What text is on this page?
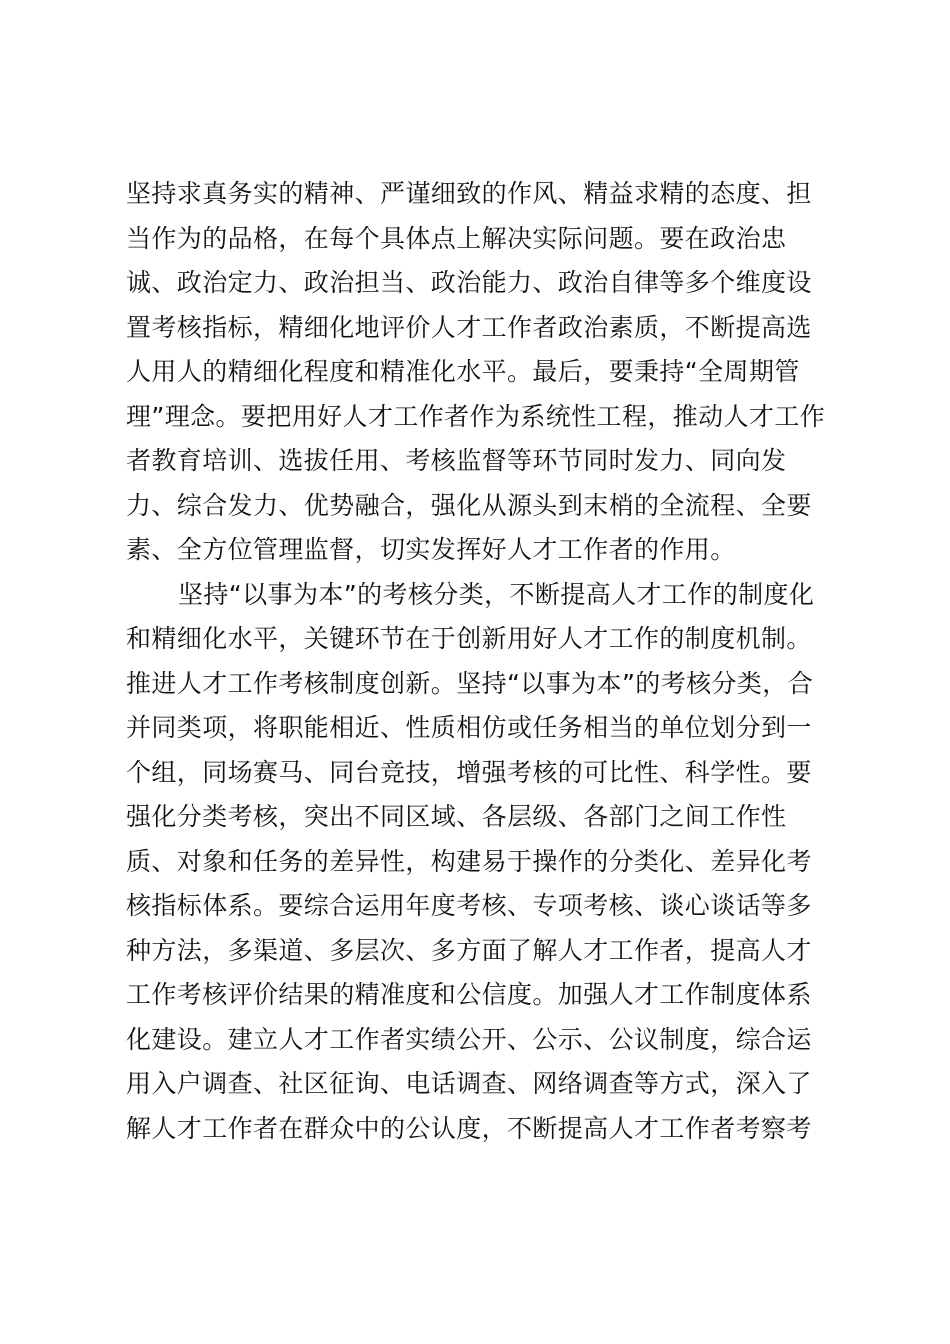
坚持求真务实的精神、严谨细致的作风、精益求精的态度、担
当作为的品格，在每个具体点上解决实际问题。要在政治忠
诚、政治定力、政治担当、政治能力、政治自律等多个维度设
置考核指标，精细化地评价人才工作者政治素质，不断提高选
人用人的精细化程度和精准化水平。最后，要秉持“全周期管
理”理念。要把用好人才工作者作为系统性工程，推动人才工作
者教育培训、选拔任用、考核监督等环节同时发力、同向发
力、综合发力、优势融合，强化从源头到末梢的全流程、全要
素、全方位管理监督，切实发挥好人才工作者的作用。
坚持“以事为本”的考核分类，不断提高人才工作的制度化
和精细化水平，关键环节在于创新用好人才工作的制度机制。
推进人才工作考核制度创新。坚持“以事为本”的考核分类，合
并同类项，将职能相近、性质相仿或任务相当的单位划分到一
个组，同场赛马、同台竞技，增强考核的可比性、科学性。要
强化分类考核，突出不同区域、各层级、各部门之间工作性
质、对象和任务的差异性，构建易于操作的分类化、差异化考
核指标体系。要综合运用年度考核、专项考核、谈心谈话等多
种方法，多渠道、多层次、多方面了解人才工作者，提高人才
工作考核评价结果的精准度和公信度。加强人才工作制度体系
化建设。建立人才工作者实绩公开、公示、公议制度，综合运
用入户调查、社区征询、电话调查、网络调查等方式，深入了
解人才工作者在群众中的公认度，不断提高人才工作者考察考
